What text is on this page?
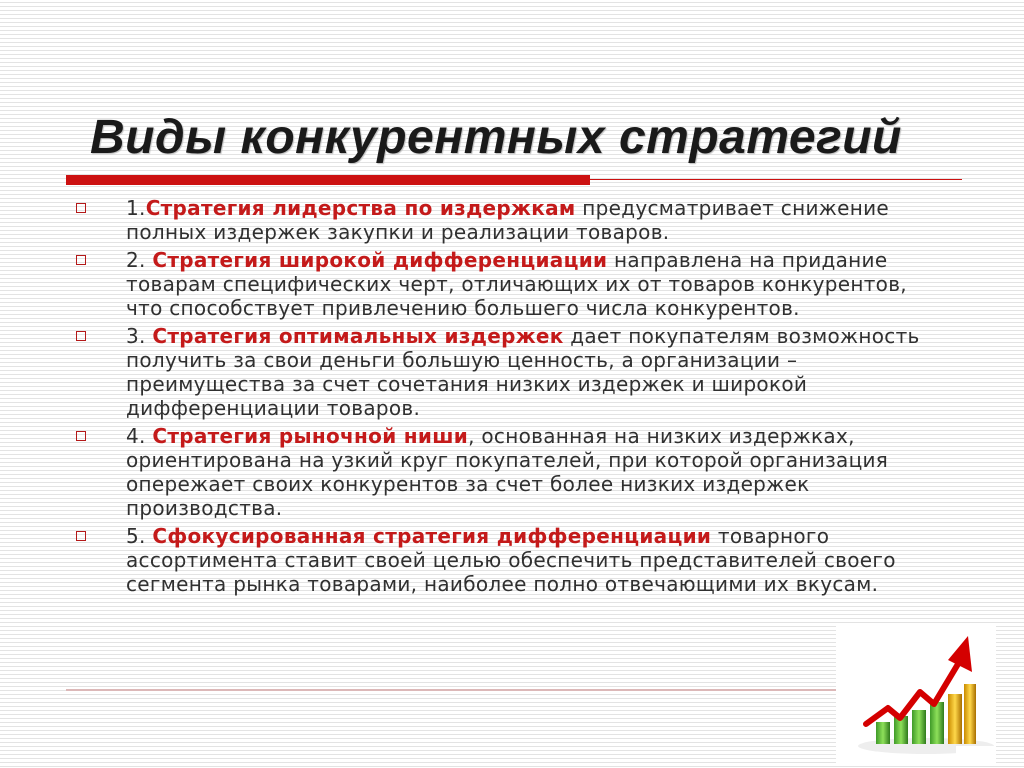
Виды конкурентных стратегий
1.Стратегия лидерства по издержкам предусматривает снижение полных издержек закупки и реализации товаров.
2. Стратегия широкой дифференциации направлена на придание товарам специфических черт, отличающих их от товаров конкурентов, что способствует привлечению большего числа конкурентов.
3. Стратегия оптимальных издержек дает покупателям возможность получить за свои деньги большую ценность, а организации – преимущества за счет сочетания низких издержек и широкой дифференциации товаров.
4. Стратегия рыночной ниши, основанная на низких издержках, ориентирована на узкий круг покупателей, при которой организация опережает своих конкурентов за счет более низких издержек производства.
5. Сфокусированная стратегия дифференциации товарного ассортимента ставит своей целью обеспечить представителей своего сегмента рынка товарами, наиболее полно отвечающими их вкусам.
